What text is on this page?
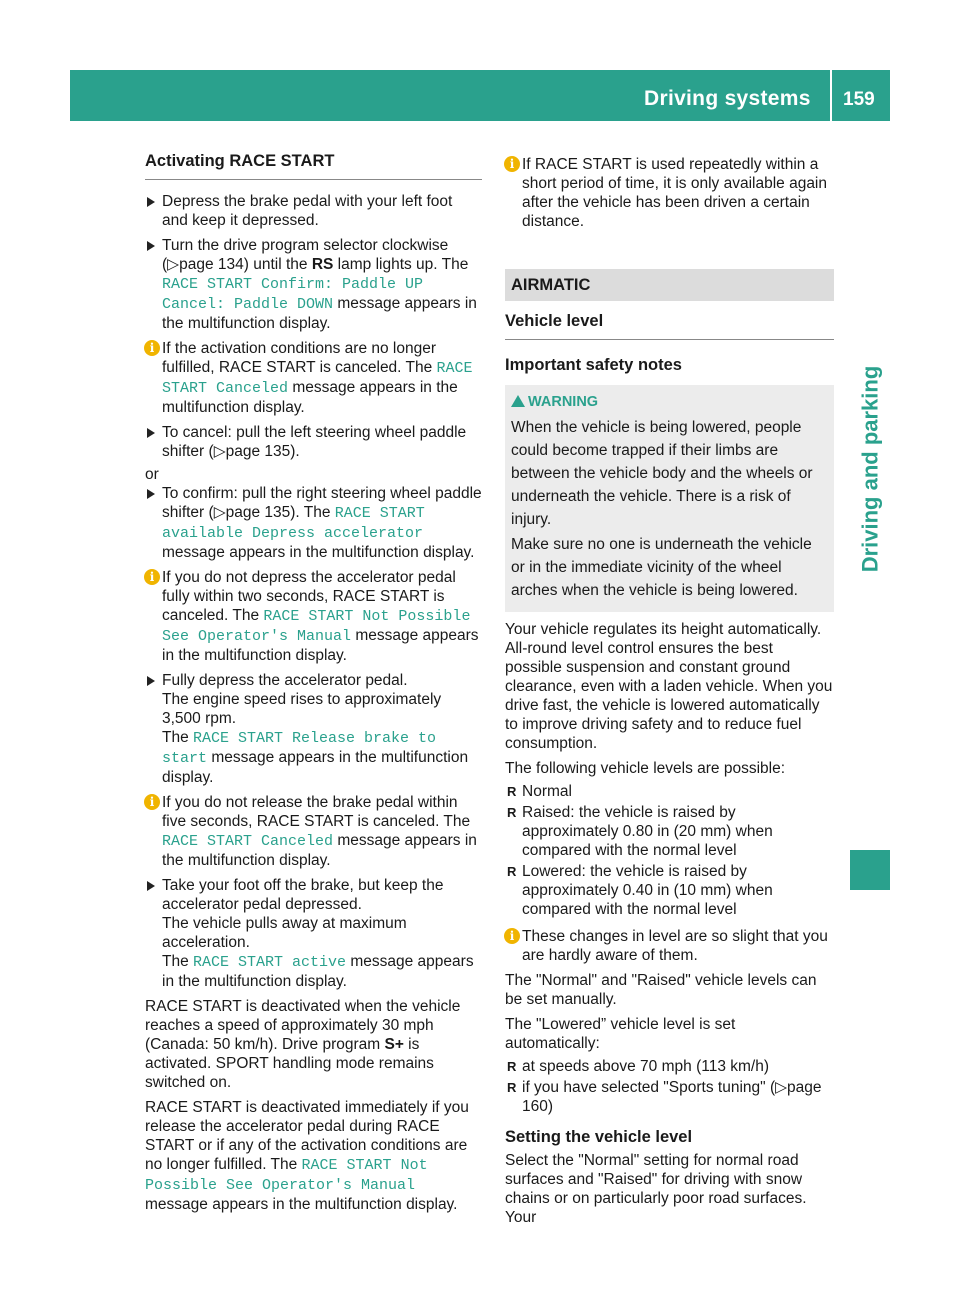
Driving systems 159
Driving and parking
Activating RACE START

Depress the brake pedal with your left foot and keep it depressed.

Turn the drive program selector clockwise (▷page 134) until the RS lamp lights up. The RACE START Confirm: Paddle UP Cancel: Paddle DOWN message appears in the multifunction display.

i If the activation conditions are no longer fulfilled, RACE START is canceled. The RACE START Canceled message appears in the multifunction display.

To cancel: pull the left steering wheel paddle shifter (▷page 135).

or

To confirm: pull the right steering wheel paddle shifter (▷page 135). The RACE START available Depress accelerator message appears in the multifunction display.

i If you do not depress the accelerator pedal fully within two seconds, RACE START is canceled. The RACE START Not Possible See Operator's Manual message appears in the multifunction display.

Fully depress the accelerator pedal.
The engine speed rises to approximately 3,500 rpm.
The RACE START Release brake to start message appears in the multifunction display.

i If you do not release the brake pedal within five seconds, RACE START is canceled. The RACE START Canceled message appears in the multifunction display.

Take your foot off the brake, but keep the accelerator pedal depressed.
The vehicle pulls away at maximum acceleration.
The RACE START active message appears in the multifunction display.

RACE START is deactivated when the vehicle reaches a speed of approximately 30 mph (Canada: 50 km/h). Drive program S+ is activated. SPORT handling mode remains switched on.

RACE START is deactivated immediately if you release the accelerator pedal during RACE START or if any of the activation conditions are no longer fulfilled. The RACE START Not Possible See Operator's Manual message appears in the multifunction display.

i If RACE START is used repeatedly within a short period of time, it is only available again after the vehicle has been driven a certain distance.

AIRMATIC
Vehicle level
Important safety notes
WARNING

When the vehicle is being lowered, people could become trapped if their limbs are between the vehicle body and the wheels or underneath the vehicle. There is a risk of injury.

Make sure no one is underneath the vehicle or in the immediate vicinity of the wheel arches when the vehicle is being lowered.

Your vehicle regulates its height automatically. All-round level control ensures the best possible suspension and constant ground clearance, even with a laden vehicle. When you drive fast, the vehicle is lowered automatically to improve driving safety and to reduce fuel consumption.

The following vehicle levels are possible:

R Normal

R Raised: the vehicle is raised by approximately 0.80 in (20 mm) when compared with the normal level

R Lowered: the vehicle is raised by approximately 0.40 in (10 mm) when compared with the normal level

i These changes in level are so slight that you are hardly aware of them.

The "Normal" and "Raised" vehicle levels can be set manually.

The "Lowered” vehicle level is set automatically:

R at speeds above 70 mph (113 km/h)

R if you have selected "Sports tuning" (▷page 160)

Setting the vehicle level

Select the "Normal" setting for normal road surfaces and "Raised" for driving with snow chains or on particularly poor road surfaces. Your
